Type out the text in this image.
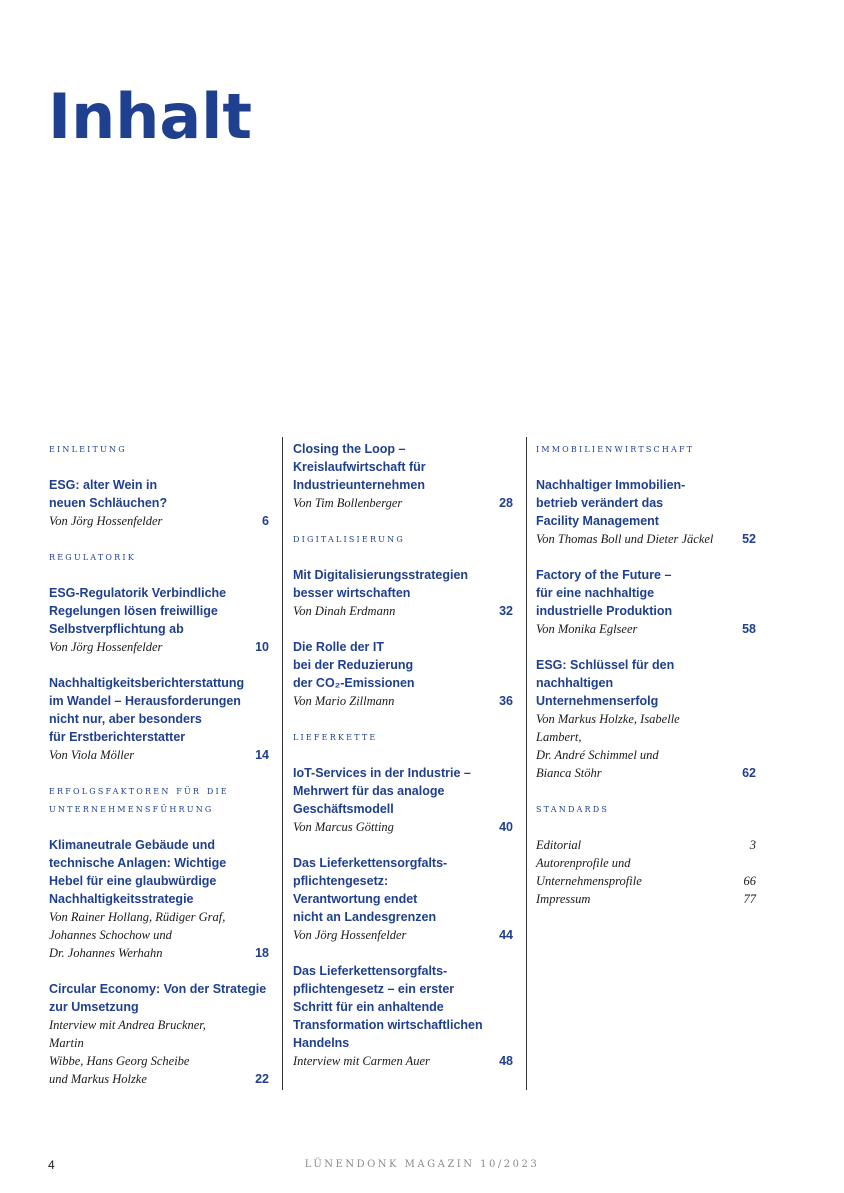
Inhalt

einleitung

ESG: alter Wein in
neuen Schläuchen?

Von Jörg Hossenfelder	6

regulatorik

ESG-Regulatorik Verbindliche
Regelungen lösen freiwillige
Selbstverpflichtung ab

Von Jörg Hossenfelder	10

Nachhaltigkeitsberichterstattung
im Wandel – Herausforderungen
nicht nur, aber besonders
für Erstberichterstatter

Von Viola Möller	14

erfolgsfaktoren für die
unternehmensführung

Klimaneutrale Gebäude und
technische Anlagen: Wichtige
Hebel für eine glaubwürdige
Nachhaltigkeitsstrategie

Von Rainer Hollang, Rüdiger Graf,
Johannes Schochow und
Dr. Johannes Werhahn	18

Circular Economy: Von der Strategie
zur Umsetzung

Interview mit Andrea Bruckner, Martin
Wibbe, Hans Georg Scheibe
und Markus Holzke	22

Closing the Loop –
Kreislaufwirtschaft für
Industrieunternehmen

Von Tim Bollenberger	28

digitalisierung

Mit Digitalisierungsstrategien
besser wirtschaften

Von Dinah Erdmann	32

Die Rolle der IT
bei der Reduzierung
der CO₂-Emissionen

Von Mario Zillmann	36

lieferkette

IoT-Services in der Industrie –
Mehrwert für das analoge
Geschäftsmodell

Von Marcus Götting	40

Das Lieferkettensorgfalts-
pflichtengesetz:
Verantwortung endet
nicht an Landesgrenzen

Von Jörg Hossenfelder	44

Das Lieferkettensorgfalts-
pflichtengesetz – ein erster
Schritt für ein anhaltende
Transformation wirtschaftlichen
Handelns

Interview mit Carmen Auer	48

immobilienwirtschaft

Nachhaltiger Immobilien-
betrieb verändert das
Facility Management

Von Thomas Boll und Dieter Jäckel	52

Factory of the Future –
für eine nachhaltige
industrielle Produktion

Von Monika Eglseer	58

ESG: Schlüssel für den
nachhaltigen
Unternehmenserfolg

Von Markus Holzke, Isabelle Lambert,
Dr. André Schimmel und
Bianca Stöhr	62

standards

Editorial	3

Autorenprofile und
Unternehmensprofile	66

Impressum	77
4	LÜNENDONK MAGAZIN 10/2023
